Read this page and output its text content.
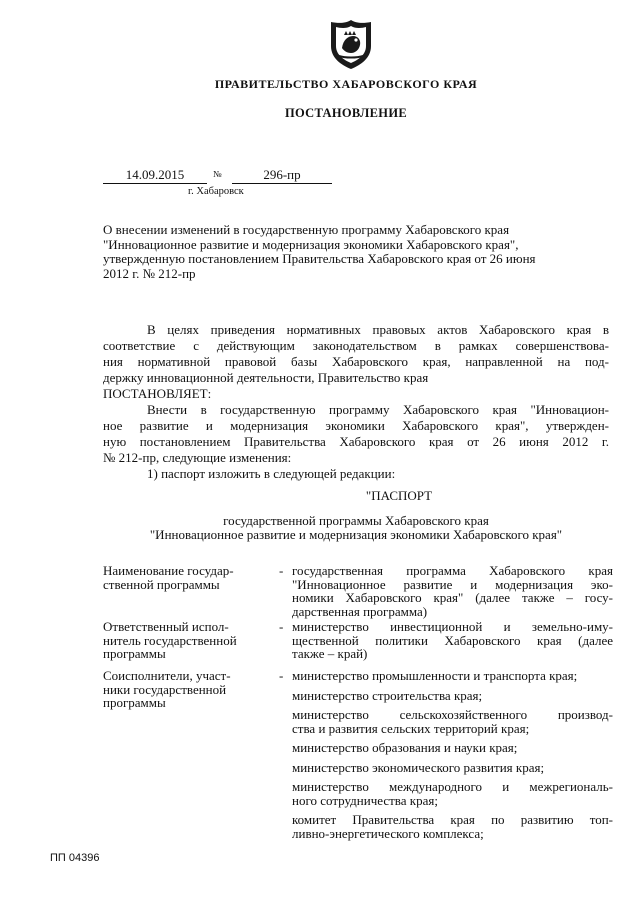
ПРАВИТЕЛЬСТВО ХАБАРОВСКОГО КРАЯ
ПОСТАНОВЛЕНИЕ
14.09.2015	№	296-пр
г. Хабаровск
О внесении изменений в государственную программу Хабаровского края
"Инновационное развитие и модернизация экономики Хабаровского края",
утвержденную постановлением Правительства Хабаровского края от 26 июня
2012 г. № 212-пр
В целях приведения нормативных правовых актов Хабаровского края в
соответствие с действующим законодательством в рамках совершенствова-
ния нормативной правовой базы Хабаровского края, направленной на под-
держку инновационной деятельности, Правительство края
ПОСТАНОВЛЯЕТ:
Внести в государственную программу Хабаровского края "Инновацион-
ное развитие и модернизация экономики Хабаровского края", утвержден-
ную постановлением Правительства Хабаровского края от 26 июня 2012 г.
№ 212-пр, следующие изменения:
1) паспорт изложить в следующей редакции:
"ПАСПОРТ
государственной программы Хабаровского края
"Инновационное развитие и модернизация экономики Хабаровского края"
Наименование государ-
ственной программы
- государственная программа Хабаровского края
"Инновационное развитие и модернизация эко-
номики Хабаровского края" (далее также – госу-
дарственная программа)
Ответственный испол-
нитель государственной
программы
- министерство инвестиционной и земельно-иму-
щественной политики Хабаровского края (далее
также – край)
Соисполнители, участ-
ники государственной
программы
- министерство промышленности и транспорта края;
министерство строительства края;
министерство сельскохозяйственного производ-
ства и развития сельских территорий края;
министерство образования и науки края;
министерство экономического развития края;
министерство международного и межрегиональ-
ного сотрудничества края;
комитет Правительства края по развитию топ-
ливно-энергетического комплекса;
ПП 04396
